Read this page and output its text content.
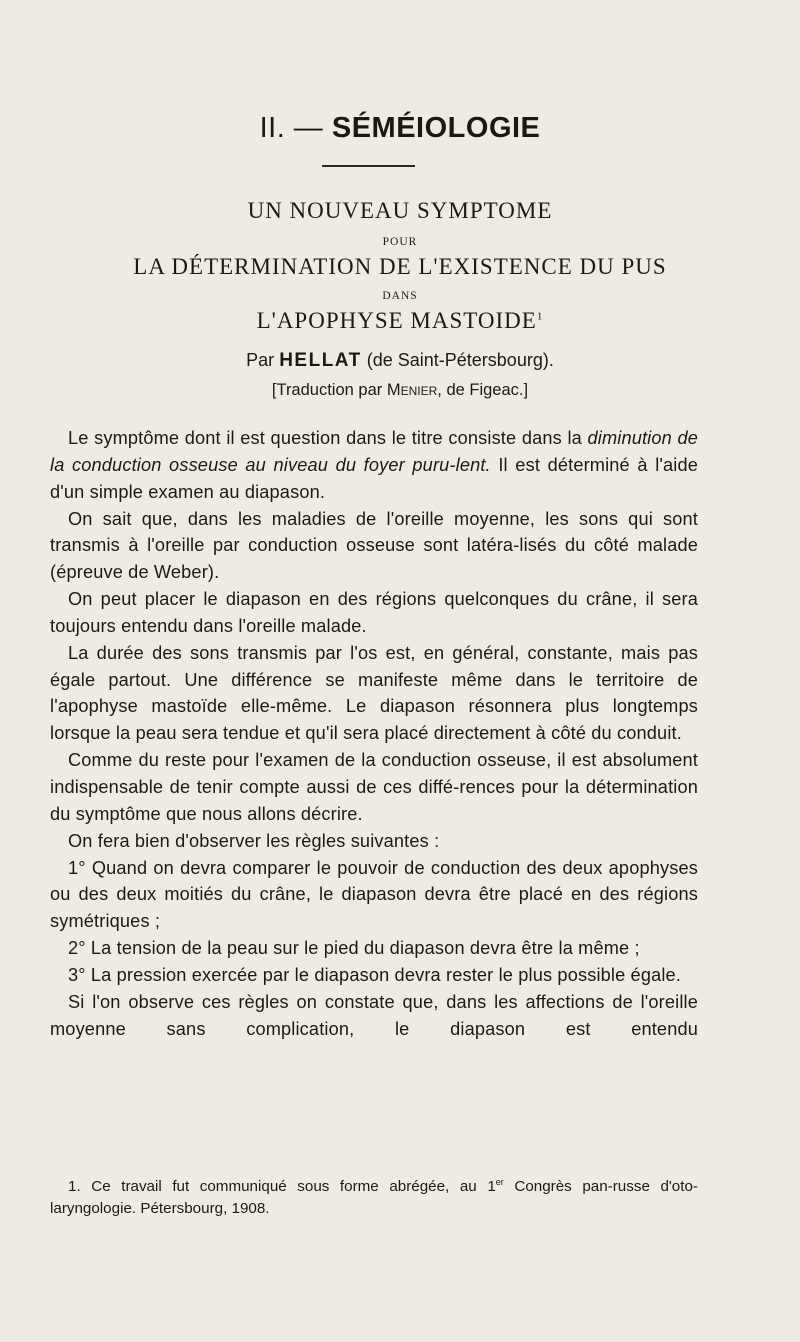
II. — SÉMÉIOLOGIE
UN NOUVEAU SYMPTOME
POUR
LA DÉTERMINATION DE L'EXISTENCE DU PUS
DANS
L'APOPHYSE MASTOIDE$^1$
Par HELLAT (de Saint-Pétersbourg).
[Traduction par Menier, de Figeac.]

Le symptôme dont il est question dans le titre consiste dans la diminution de la conduction osseuse au niveau du foyer puru-lent. Il est déterminé à l'aide d'un simple examen au diapason.

On sait que, dans les maladies de l'oreille moyenne, les sons qui sont transmis à l'oreille par conduction osseuse sont latéra-lisés du côté malade (épreuve de Weber).

On peut placer le diapason en des régions quelconques du crâne, il sera toujours entendu dans l'oreille malade.

La durée des sons transmis par l'os est, en général, constante, mais pas égale partout. Une différence se manifeste même dans le territoire de l'apophyse mastoïde elle-même. Le diapason résonnera plus longtemps lorsque la peau sera tendue et qu'il sera placé directement à côté du conduit.

Comme du reste pour l'examen de la conduction osseuse, il est absolument indispensable de tenir compte aussi de ces diffé-rences pour la détermination du symptôme que nous allons décrire.

On fera bien d'observer les règles suivantes :

1° Quand on devra comparer le pouvoir de conduction des deux apophyses ou des deux moitiés du crâne, le diapason devra être placé en des régions symétriques ;

2° La tension de la peau sur le pied du diapason devra être la même ;

3° La pression exercée par le diapason devra rester le plus possible égale.

Si l'on observe ces règles on constate que, dans les affections de l'oreille moyenne sans complication, le diapason est entendu

1. Ce travail fut communiqué sous forme abrégée, au 1er Congrès pan-russe d'oto-laryngologie. Pétersbourg, 1908.
